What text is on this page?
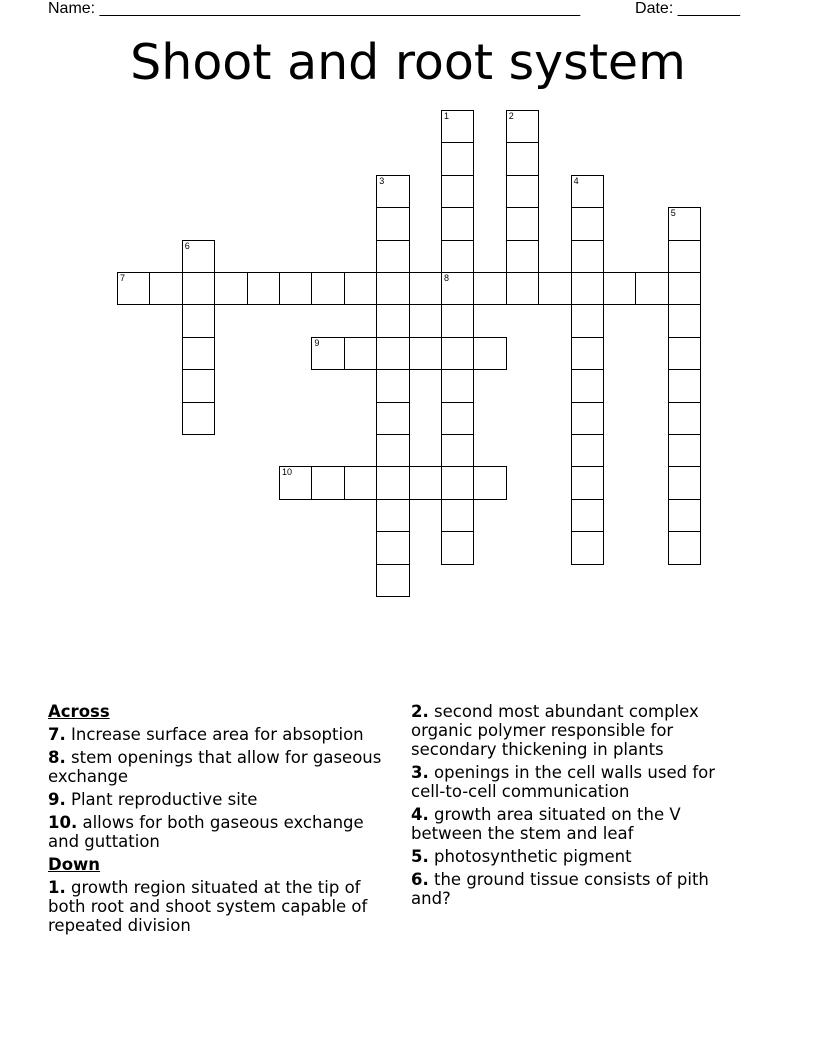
Name: ______________________________________________________	Date: _______
Shoot and root system
1
8
2
3	4
5
6
7
9
10
Across
7. Increase surface area for absoption
8. stem openings that allow for gaseous exchange
9. Plant reproductive site
10. allows for both gaseous exchange and guttation
Down
1. growth region situated at the tip of both root and shoot system capable of repeated division
2. second most abundant complex organic polymer responsible for secondary thickening in plants
3. openings in the cell walls used for cell-to-cell communication
4. growth area situated on the V between the stem and leaf
5. photosynthetic pigment
6. the ground tissue consists of pith and?
